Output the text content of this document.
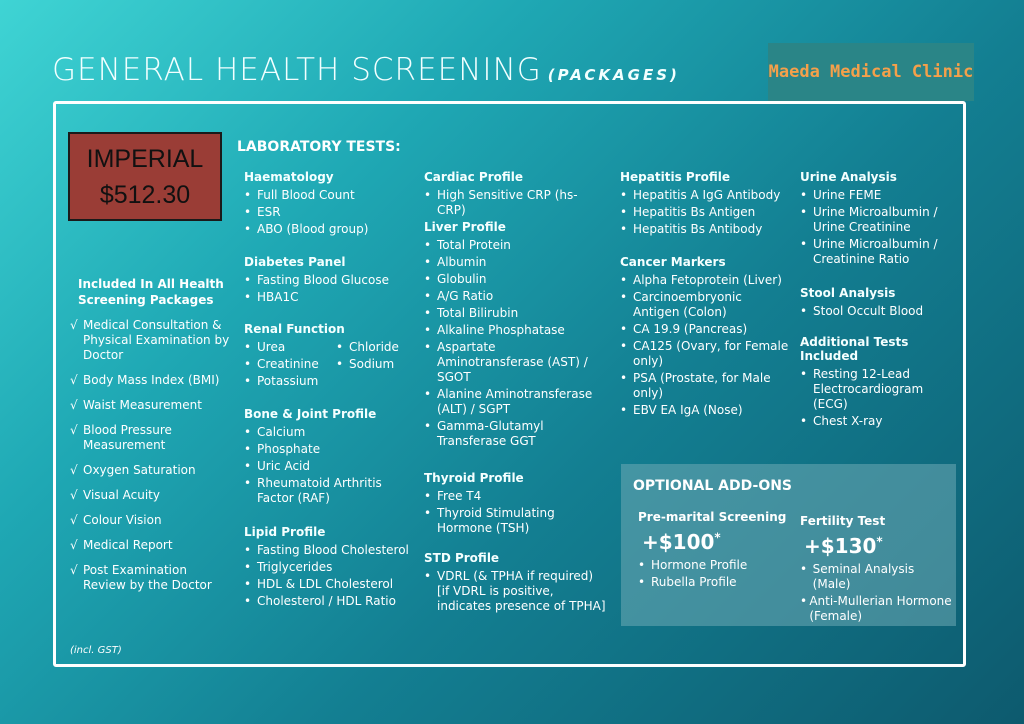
GENERAL HEALTH SCREENING (PACKAGES)	Maeda Medical Clinic
IMPERIAL
$512.30
Included In All Health Screening Packages
√ Medical Consultation & Physical Examination by Doctor
√ Body Mass Index (BMI)
√ Waist Measurement
√ Blood Pressure Measurement
√ Oxygen Saturation
√ Visual Acuity
√ Colour Vision
√ Medical Report
√ Post Examination Review by the Doctor
LABORATORY TESTS:
Haematology
• Full Blood Count
• ESR
• ABO (Blood group)
Diabetes Panel
• Fasting Blood Glucose
• HBA1C
Renal Function
• Urea
• Creatinine
• Potassium
• Chloride
• Sodium
Bone & Joint Profile
• Calcium
• Phosphate
• Uric Acid
• Rheumatoid Arthritis Factor (RAF)
Lipid Profile
• Fasting Blood Cholesterol
• Triglycerides
• HDL & LDL Cholesterol
• Cholesterol / HDL Ratio
Cardiac Profile
• High Sensitive CRP (hs-CRP)
Liver Profile
• Total Protein
• Albumin
• Globulin
• A/G Ratio
• Total Bilirubin
• Alkaline Phosphatase
• Aspartate Aminotransferase (AST) / SGOT
• Alanine Aminotransferase (ALT) / SGPT
• Gamma-Glutamyl Transferase GGT
Thyroid Profile
• Free T4
• Thyroid Stimulating Hormone (TSH)
STD Profile
• VDRL (& TPHA if required) [if VDRL is positive, indicates presence of TPHA]
Hepatitis Profile
• Hepatitis A IgG Antibody
• Hepatitis Bs Antigen
• Hepatitis Bs Antibody
Cancer Markers
• Alpha Fetoprotein (Liver)
• Carcinoembryonic Antigen (Colon)
• CA 19.9 (Pancreas)
• CA125 (Ovary, for Female only)
• PSA (Prostate, for Male only)
• EBV EA IgA (Nose)
Urine Analysis
• Urine FEME
• Urine Microalbumin / Urine Creatinine
• Urine Microalbumin / Creatinine Ratio
Stool Analysis
• Stool Occult Blood
Additional Tests Included
• Resting 12-Lead Electrocardiogram (ECG)
• Chest X-ray
OPTIONAL ADD-ONS
Pre-marital Screening
+$100*
• Hormone Profile
• Rubella Profile
Fertility Test
+$130*
• Seminal Analysis (Male)
• Anti-Mullerian Hormone (Female)
(incl. GST)
